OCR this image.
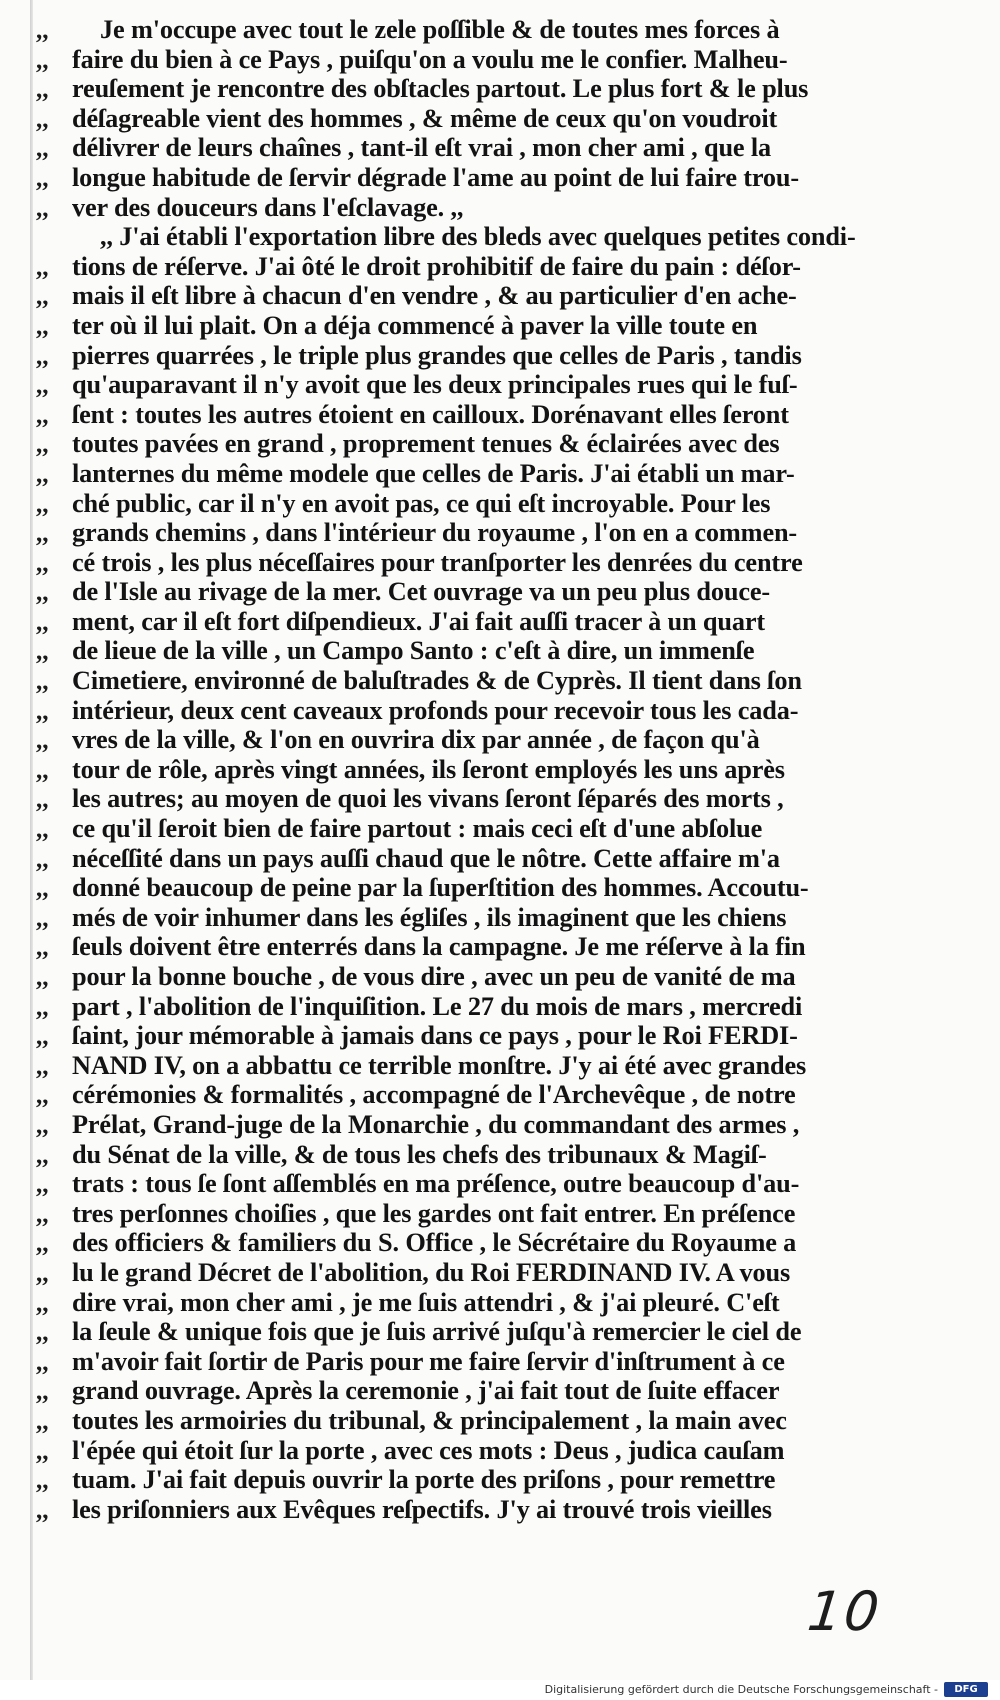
,,	Je m'occupe avec tout le zele poſſible & de toutes mes forces à
,, faire du bien à ce Pays , puiſqu'on a voulu me le confier. Malheu-
,, reuſement je rencontre des obſtacles partout. Le plus fort & le plus
,, déſagreable vient des hommes , & même de ceux qu'on voudroit
,, délivrer de leurs chaînes , tant-il eſt vrai , mon cher ami , que la
,, longue habitude de ſervir dégrade l'ame au point de lui faire trou-
,, ver des douceurs dans l'eſclavage. ,,
,, J'ai établi l'exportation libre des bleds avec quelques petites condi-
,, tions de réſerve. J'ai ôté le droit prohibitif de faire du pain : déſor-
,, mais il eſt libre à chacun d'en vendre , & au particulier d'en ache-
,, ter où il lui plait. On a déja commencé à paver la ville toute en
,, pierres quarrées , le triple plus grandes que celles de Paris , tandis
,, qu'auparavant il n'y avoit que les deux principales rues qui le fuſ-
,, ſent : toutes les autres étoient en cailloux. Dorénavant elles ſeront
,, toutes pavées en grand , proprement tenues & éclairées avec des
,, lanternes du même modele que celles de Paris. J'ai établi un mar-
,, ché public, car il n'y en avoit pas, ce qui eſt incroyable. Pour les
,, grands chemins , dans l'intérieur du royaume , l'on en a commen-
,, cé trois , les plus néceſſaires pour tranſporter les denrées du centre
,, de l'Isle au rivage de la mer. Cet ouvrage va un peu plus douce-
,, ment, car il eſt fort diſpendieux. J'ai fait auſſi tracer à un quart
,, de lieue de la ville , un Campo Santo : c'eſt à dire, un immenſe
,, Cimetiere, environné de baluſtrades & de Cyprès. Il tient dans ſon
,, intérieur, deux cent caveaux profonds pour recevoir tous les cada-
,, vres de la ville, & l'on en ouvrira dix par année , de façon qu'à
,, tour de rôle, après vingt années, ils ſeront employés les uns après
,, les autres; au moyen de quoi les vivans ſeront ſéparés des morts ,
,, ce qu'il ſeroit bien de faire partout : mais ceci eſt d'une abſolue
,, néceſſité dans un pays auſſi chaud que le nôtre. Cette affaire m'a
,, donné beaucoup de peine par la ſuperſtition des hommes. Accoutu-
,, més de voir inhumer dans les égliſes , ils imaginent que les chiens
,, ſeuls doivent être enterrés dans la campagne. Je me réſerve à la fin
,, pour la bonne bouche , de vous dire , avec un peu de vanité de ma
,, part , l'abolition de l'inquiſition. Le 27 du mois de mars , mercredi
,, ſaint, jour mémorable à jamais dans ce pays , pour le Roi FERDI-
,, NAND IV, on a abbattu ce terrible monſtre. J'y ai été avec grandes
,, cérémonies & formalités , accompagné de l'Archevêque , de notre
,, Prélat, Grand-juge de la Monarchie , du commandant des armes ,
,, du Sénat de la ville, & de tous les chefs des tribunaux & Magiſ-
,, trats : tous ſe ſont aſſemblés en ma préſence, outre beaucoup d'au-
,, tres perſonnes choiſies , que les gardes ont fait entrer. En préſence
,, des officiers & familiers du S. Office , le Sécrétaire du Royaume a
,, lu le grand Décret de l'abolition, du Roi FERDINAND IV. A vous
,, dire vrai, mon cher ami , je me ſuis attendri , & j'ai pleuré. C'eſt
,, la ſeule & unique fois que je ſuis arrivé juſqu'à remercier le ciel de
,, m'avoir fait ſortir de Paris pour me faire ſervir d'inſtrument à ce
,, grand ouvrage. Après la ceremonie , j'ai fait tout de ſuite effacer
,, toutes les armoiries du tribunal, & principalement , la main avec
,, l'épée qui étoit ſur la porte , avec ces mots : Deus , judica cauſam
,, tuam. J'ai fait depuis ouvrir la porte des priſons , pour remettre
,, les priſonniers aux Evêques reſpectifs. J'y ai trouvé trois vieilles
10
Digitalisierung gefördert durch die Deutsche Forschungsgemeinschaft -	DFG
